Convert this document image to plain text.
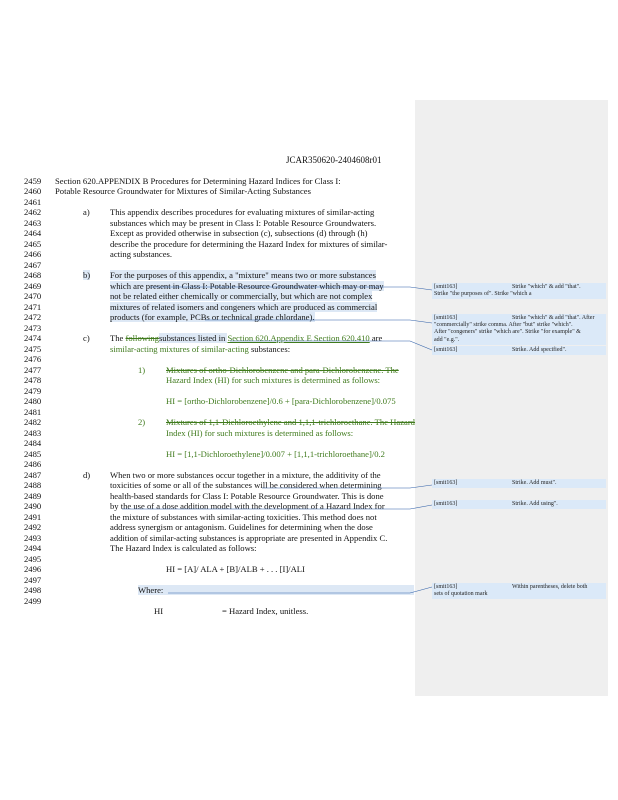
JCAR350620-2404608r01
2459
2460
2461
2462
2463
2464
2465
2466
2467
2468
2469
2470
2471
2472
2473
2474
2475
2476
2477
2478
2479
2480
2481
2482
2483
2484
2485
2486
2487
2488
2489
2490
2491
2492
2493
2494
2495
2496
2497
2498
2499
Section 620.APPENDIX B Procedures for Determining Hazard Indices for Class I:
Potable Resource Groundwater for Mixtures of Similar-Acting Substances
a) This appendix describes procedures for evaluating mixtures of similar-acting
substances which may be present in Class I: Potable Resource Groundwaters.
Except as provided otherwise in subsection (c), subsections (d) through (h)
describe the procedure for determining the Hazard Index for mixtures of similar-
acting substances.
b) For the purposes of this appendix, a "mixture" means two or more substances
which are present in Class I: Potable Resource Groundwater which may or may
not be related either chemically or commercially, but which are not complex
mixtures of related isomers and congeners which are produced as commercial
products (for example, PCBs or technical grade chlordane).
c) The followingsubstances listed in Section 620.Appendix E Section 620.410 are
similar-acting mixtures of similar-acting substances:
1) Mixtures of ortho-Dichlorobenzene and para-Dichlorobenzene. The
Hazard Index (HI) for such mixtures is determined as follows:
HI = [ortho-Dichlorobenzene]/0.6 + [para-Dichlorobenzene]/0.075
2) Mixtures of 1,1-Dichloroethylene and 1,1,1-trichloroethane. The Hazard
Index (HI) for such mixtures is determined as follows:
HI = [1,1-Dichloroethylene]/0.007 + [1,1,1-trichloroethane]/0.2
d) When two or more substances occur together in a mixture, the additivity of the
toxicities of some or all of the substances will be considered when determining
health-based standards for Class I: Potable Resource Groundwater. This is done
by the use of a dose addition model with the development of a Hazard Index for
the mixture of substances with similar-acting toxicities. This method does not
address synergism or antagonism. Guidelines for determining when the dose
addition of similar-acting substances is appropriate are presented in Appendix C.
The Hazard Index is calculated as follows:
HI = [A]/ ALA + [B]/ALB + . . . [I]/ALI
Where:
HI	= Hazard Index, unitless.
[smit163]	Strike "which" & add "that".
Strike "the purposes of". Strike "which a
[smit163]	Strike "which" & add "that". After
"commercially" strike comma. After "but" strike "which".
After "congeners" strike "which are". Strike "for example" &
add "e.g.".
[smit163]	Strike. Add specified".
[smit163]	Strike. Add must".
[smit163]	Strike. Add using".
[smit163]	Within parentheses, delete both
sets of quotation mark
